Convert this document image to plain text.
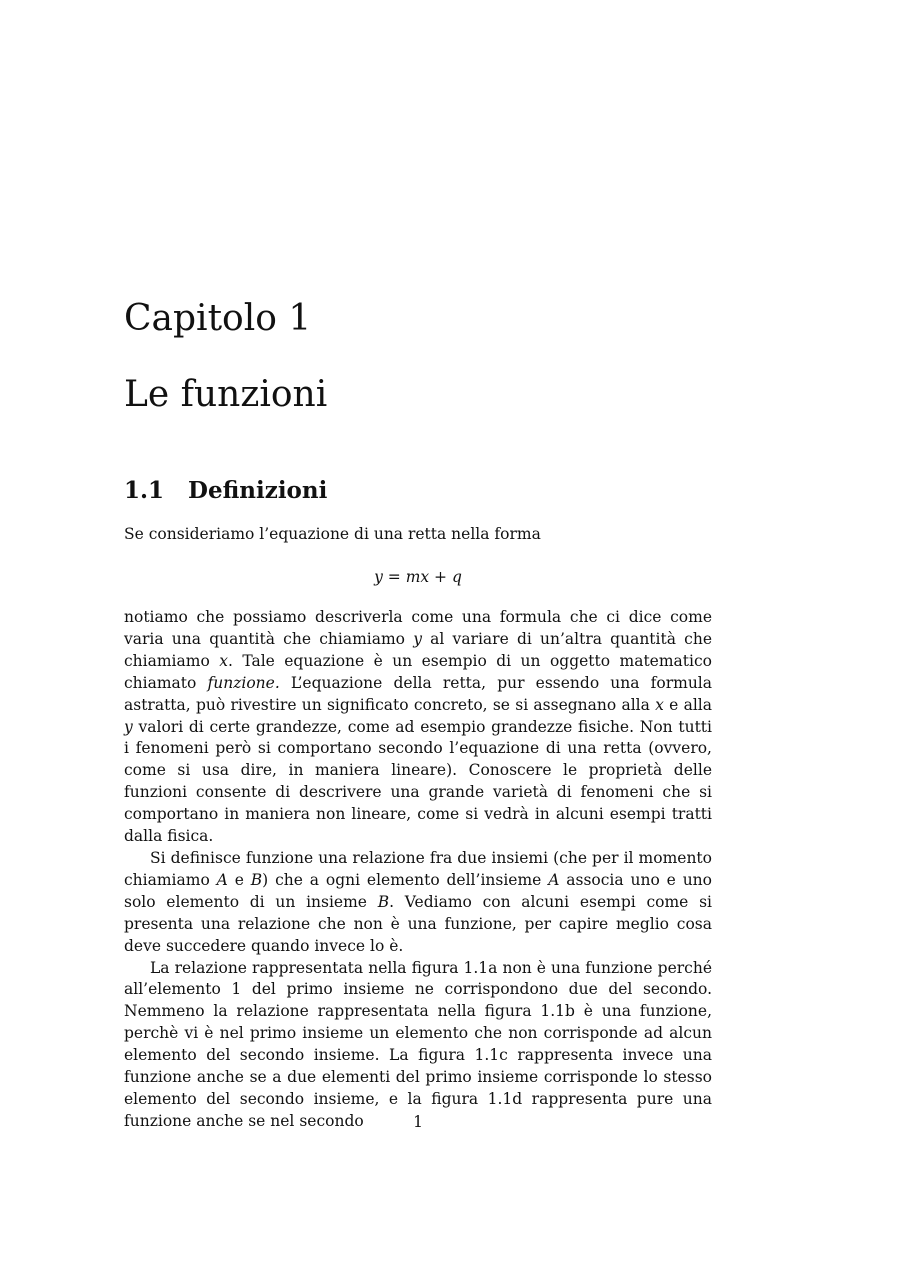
Capitolo 1
Le funzioni
1.1 Definizioni

Se consideriamo l’equazione di una retta nella forma

y = mx + q

notiamo che possiamo descriverla come una formula che ci dice come varia una quantità che chiamiamo y al variare di un’altra quantità che chiamiamo x. Tale equazione è un esempio di un oggetto matematico chiamato funzione. L’equazione della retta, pur essendo una formula astratta, può rivestire un significato concreto, se si assegnano alla x e alla y valori di certe grandezze, come ad esempio grandezze fisiche. Non tutti i fenomeni però si comportano secondo l’equazione di una retta (ovvero, come si usa dire, in maniera lineare). Conoscere le proprietà delle funzioni consente di descrivere una grande varietà di fenomeni che si comportano in maniera non lineare, come si vedrà in alcuni esempi tratti dalla fisica.

Si definisce funzione una relazione fra due insiemi (che per il momento chiamiamo A e B) che a ogni elemento dell’insieme A associa uno e uno solo elemento di un insieme B. Vediamo con alcuni esempi come si presenta una relazione che non è una funzione, per capire meglio cosa deve succedere quando invece lo è.

La relazione rappresentata nella figura 1.1a non è una funzione perché all’elemento 1 del primo insieme ne corrispondono due del secondo. Nemmeno la relazione rappresentata nella figura 1.1b è una funzione, perchè vi è nel primo insieme un elemento che non corrisponde ad alcun elemento del secondo insieme. La figura 1.1c rappresenta invece una funzione anche se a due elementi del primo insieme corrisponde lo stesso elemento del secondo insieme, e la figura 1.1d rappresenta pure una funzione anche se nel secondo	1
